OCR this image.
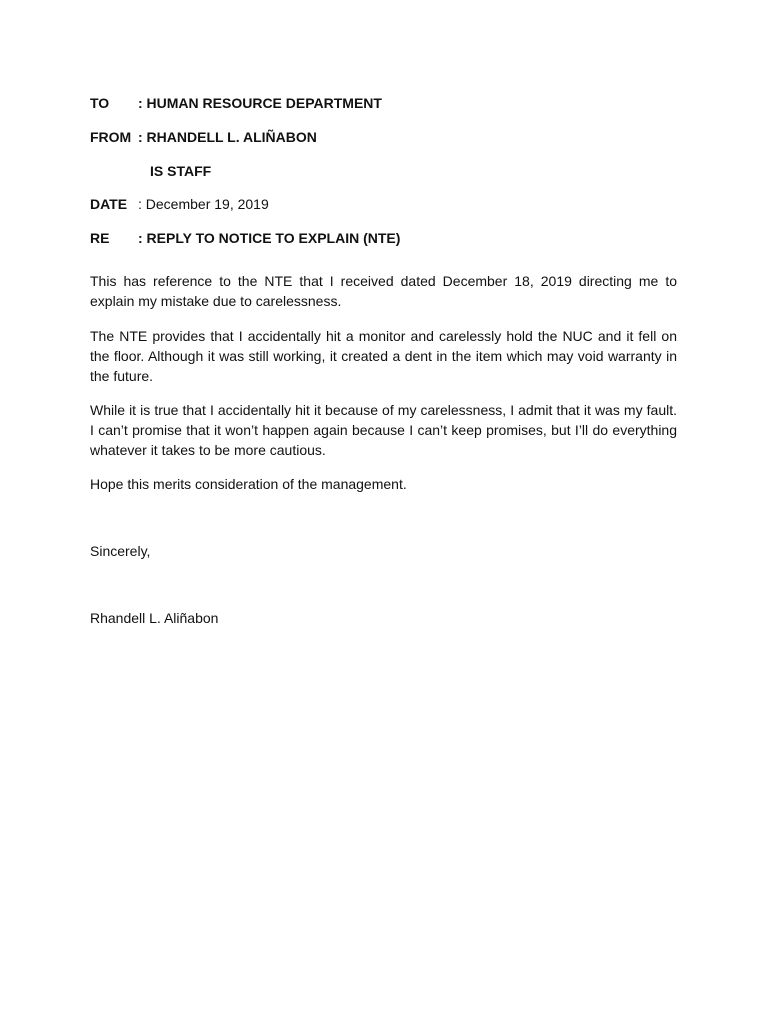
TO : HUMAN RESOURCE DEPARTMENT
FROM : RHANDELL L. ALIÑABON
IS STAFF
DATE : December 19, 2019
RE : REPLY TO NOTICE TO EXPLAIN (NTE)

This has reference to the NTE that I received dated December 18, 2019 directing me to explain my mistake due to carelessness.

The NTE provides that I accidentally hit a monitor and carelessly hold the NUC and it fell on the floor. Although it was still working, it created a dent in the item which may void warranty in the future.

While it is true that I accidentally hit it because of my carelessness, I admit that it was my fault. I can’t promise that it won’t happen again because I can’t keep promises, but I’ll do everything whatever it takes to be more cautious.

Hope this merits consideration of the management.

Sincerely,
Rhandell L. Aliñabon
